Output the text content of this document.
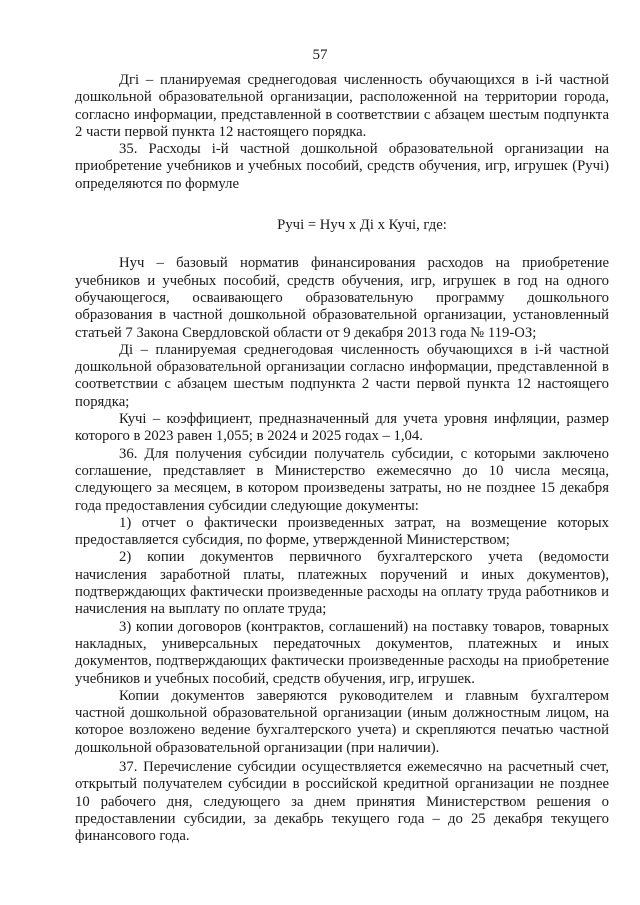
57

Дгі – планируемая среднегодовая численность обучающихся в i-й частной дошкольной образовательной организации, расположенной на территории города, согласно информации, представленной в соответствии с абзацем шестым подпункта 2 части первой пункта 12 настоящего порядка.

35. Расходы i-й частной дошкольной образовательной организации на приобретение учебников и учебных пособий, средств обучения, игр, игрушек (Ручі) определяются по формуле

Ручі = Нуч х Ді х Кучі, где:

Нуч – базовый норматив финансирования расходов на приобретение учебников и учебных пособий, средств обучения, игр, игрушек в год на одного обучающегося, осваивающего образовательную программу дошкольного образования в частной дошкольной образовательной организации, установленный статьей 7 Закона Свердловской области от 9 декабря 2013 года № 119-ОЗ;

Ді – планируемая среднегодовая численность обучающихся в i-й частной дошкольной образовательной организации согласно информации, представленной в соответствии с абзацем шестым подпункта 2 части первой пункта 12 настоящего порядка;

Кучі – коэффициент, предназначенный для учета уровня инфляции, размер которого в 2023 равен 1,055; в 2024 и 2025 годах – 1,04.

36. Для получения субсидии получатель субсидии, с которыми заключено соглашение, представляет в Министерство ежемесячно до 10 числа месяца, следующего за месяцем, в котором произведены затраты, но не позднее 15 декабря года предоставления субсидии следующие документы:

1) отчет о фактически произведенных затрат, на возмещение которых предоставляется субсидия, по форме, утвержденной Министерством;

2) копии документов первичного бухгалтерского учета (ведомости начисления заработной платы, платежных поручений и иных документов), подтверждающих фактически произведенные расходы на оплату труда работников и начисления на выплату по оплате труда;

3) копии договоров (контрактов, соглашений) на поставку товаров, товарных накладных, универсальных передаточных документов, платежных и иных документов, подтверждающих фактически произведенные расходы на приобретение учебников и учебных пособий, средств обучения, игр, игрушек.

Копии документов заверяются руководителем и главным бухгалтером частной дошкольной образовательной организации (иным должностным лицом, на которое возложено ведение бухгалтерского учета) и скрепляются печатью частной дошкольной образовательной организации (при наличии).

37. Перечисление субсидии осуществляется ежемесячно на расчетный счет, открытый получателем субсидии в российской кредитной организации не позднее 10 рабочего дня, следующего за днем принятия Министерством решения о предоставлении субсидии, за декабрь текущего года – до 25 декабря текущего финансового года.
